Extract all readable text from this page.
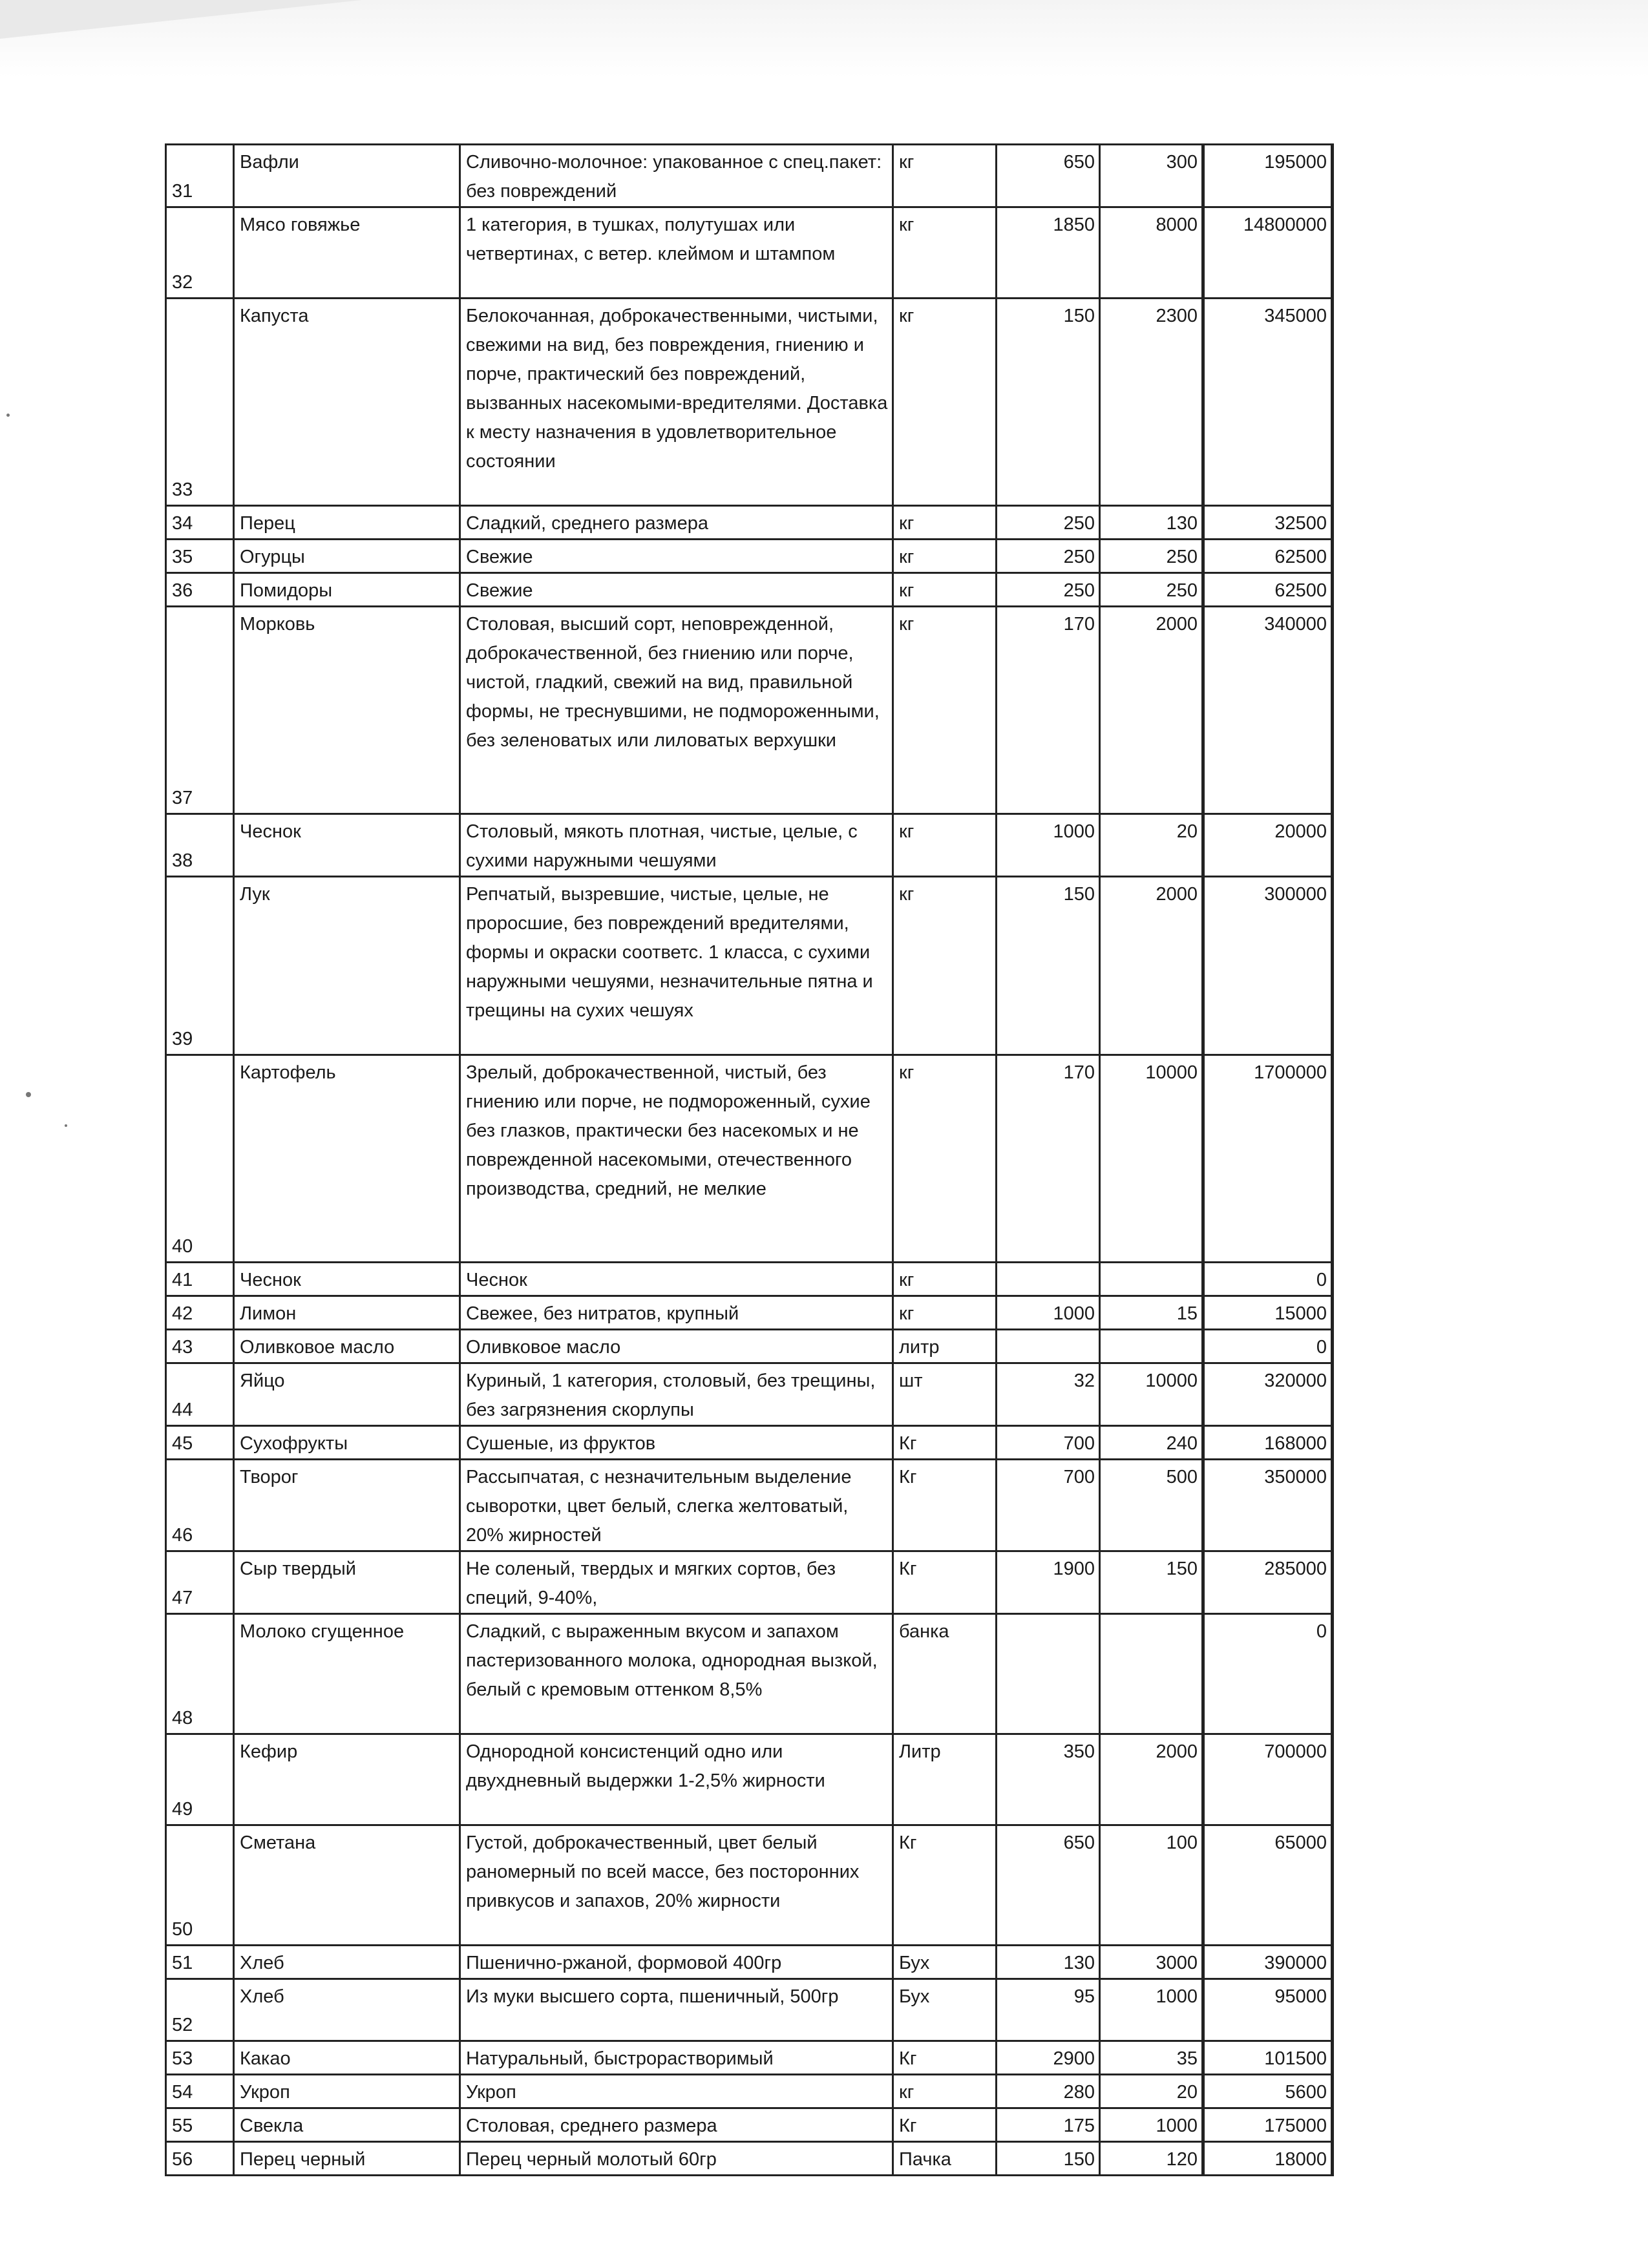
31	Вафли	Сливочно-молочное: упакованное с спец.пакет: без повреждений	кг	650	300	195000
32	Мясо говяжье	1 категория, в тушках, полутушах или четвертинах, с ветер. клеймом и штампом	кг	1850	8000	14800000
33	Капуста	Белокочанная, доброкачественными, чистыми, свежими на вид, без повреждения, гниению и порче, практический без повреждений, вызванных насекомыми-вредителями. Доставка к месту назначения в удовлетворительное состоянии	кг	150	2300	345000
34	Перец	Сладкий, среднего размера	кг	250	130	32500
35	Огурцы	Свежие	кг	250	250	62500
36	Помидоры	Свежие	кг	250	250	62500
37	Морковь	Столовая, высший сорт, неповрежденной, доброкачественной, без гниению или порче, чистой, гладкий, свежий на вид, правильной формы, не треснувшими, не подмороженными, без зеленоватых или лиловатых верхушки	кг	170	2000	340000
38	Чеснок	Столовый, мякоть плотная, чистые, целые, с сухими наружными чешуями	кг	1000	20	20000
39	Лук	Репчатый, вызревшие, чистые, целые, не проросшие, без повреждений вредителями, формы и окраски соответс. 1 класса, с сухими наружными чешуями, незначительные пятна и трещины на сухих чешуях	кг	150	2000	300000
40	Картофель	Зрелый, доброкачественной, чистый, без гниению или порче, не подмороженный, сухие без глазков, практически без насекомых и не поврежденной насекомыми, отечественного производства, средний, не мелкие	кг	170	10000	1700000
41	Чеснок	Чеснок	кг			0
42	Лимон	Свежее, без нитратов, крупный	кг	1000	15	15000
43	Оливковое масло	Оливковое масло	литр			0
44	Яйцо	Куриный, 1 категория, столовый, без трещины, без загрязнения скорлупы	шт	32	10000	320000
45	Сухофрукты	Сушеные, из фруктов	Кг	700	240	168000
46	Творог	Рассыпчатая, с незначительным выделение сыворотки, цвет белый, слегка желтоватый, 20% жирностей	Кг	700	500	350000
47	Сыр твердый	Не соленый, твердых и мягких сортов, без специй, 9-40%,	Кг	1900	150	285000
48	Молоко сгущенное	Сладкий, с выраженным вкусом и запахом пастеризованного молока, однородная вызкой, белый с кремовым оттенком 8,5%	банка			0
49	Кефир	Однородной консистенций одно или двухдневный выдержки 1-2,5% жирности	Литр	350	2000	700000
50	Сметана	Густой, доброкачественный, цвет белый раномерный по всей массе, без посторонних привкусов и запахов, 20% жирности	Кг	650	100	65000
51	Хлеб	Пшенично-ржаной, формовой 400гр	Бух	130	3000	390000
52	Хлеб	Из муки высшего сорта, пшеничный, 500гр	Бух	95	1000	95000
53	Какао	Натуральный, быстрорастворимый	Кг	2900	35	101500
54	Укроп	Укроп	кг	280	20	5600
55	Свекла	Столовая, среднего размера	Кг	175	1000	175000
56	Перец черный	Перец черный молотый 60гр	Пачка	150	120	18000
